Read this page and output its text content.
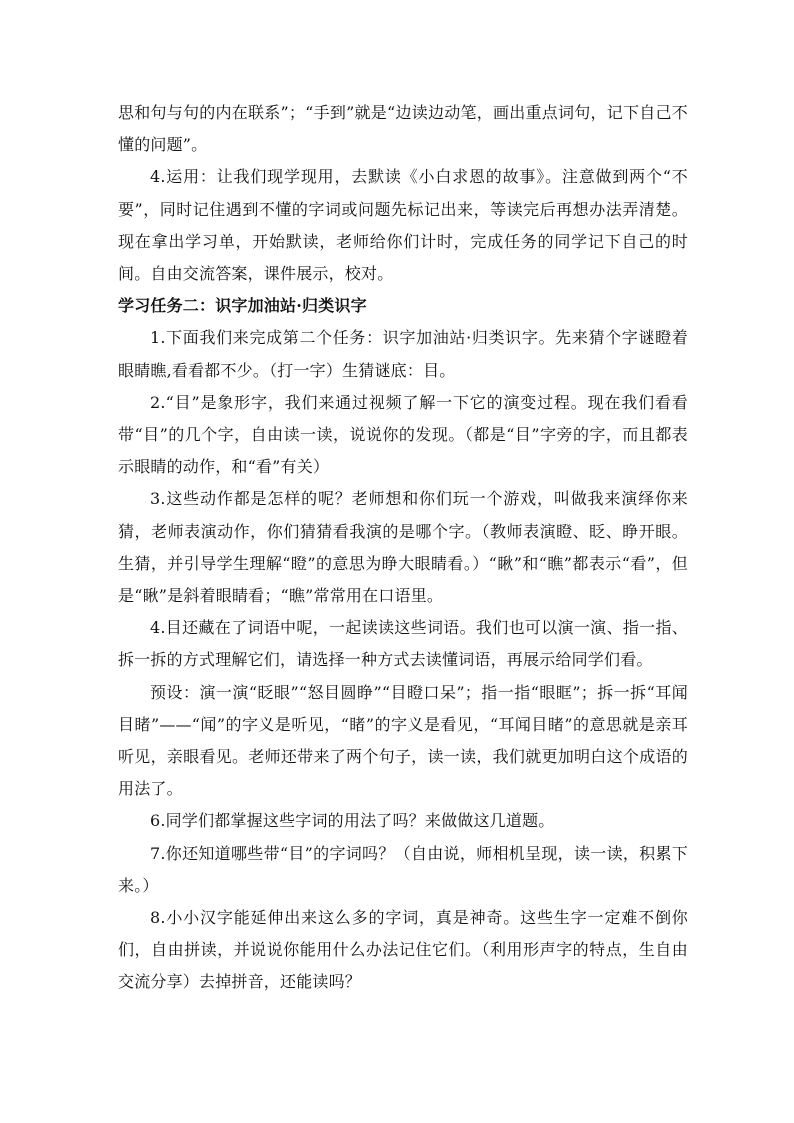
思和句与句的内在联系”；“手到”就是“边读边动笔，画出重点词句，记下自己不懂的问题”。

4.运用：让我们现学现用，去默读《小白求恩的故事》。注意做到两个“不要”，同时记住遇到不懂的字词或问题先标记出来，等读完后再想办法弄清楚。现在拿出学习单，开始默读，老师给你们计时，完成任务的同学记下自己的时间。自由交流答案，课件展示，校对。

学习任务二：识字加油站·归类识字

1.下面我们来完成第二个任务：识字加油站·归类识字。先来猜个字谜瞪着眼睛瞧,看看都不少。（打一字）生猜谜底：目。

2.“目”是象形字，我们来通过视频了解一下它的演变过程。现在我们看看带“目”的几个字，自由读一读，说说你的发现。（都是“目”字旁的字，而且都表示眼睛的动作，和“看”有关）

3.这些动作都是怎样的呢？老师想和你们玩一个游戏，叫做我来演绎你来猜，老师表演动作，你们猜猜看我演的是哪个字。（教师表演瞪、眨、睁开眼。生猜，并引导学生理解“瞪”的意思为睁大眼睛看。）“瞅”和“瞧”都表示“看”，但是“瞅”是斜着眼睛看；“瞧”常常用在口语里。

4.目还藏在了词语中呢，一起读读这些词语。我们也可以演一演、指一指、拆一拆的方式理解它们，请选择一种方式去读懂词语，再展示给同学们看。

预设：演一演“眨眼”“怒目圆睁”“目瞪口呆”；指一指“眼眶”；拆一拆“耳闻目睹”——“闻”的字义是听见，“睹”的字义是看见，“耳闻目睹”的意思就是亲耳听见，亲眼看见。老师还带来了两个句子，读一读，我们就更加明白这个成语的用法了。

6.同学们都掌握这些字词的用法了吗？来做做这几道题。

7.你还知道哪些带“目”的字词吗？（自由说，师相机呈现，读一读，积累下来。）

8.小小汉字能延伸出来这么多的字词，真是神奇。这些生字一定难不倒你们，自由拼读，并说说你能用什么办法记住它们。（利用形声字的特点，生自由交流分享）去掉拼音，还能读吗？
